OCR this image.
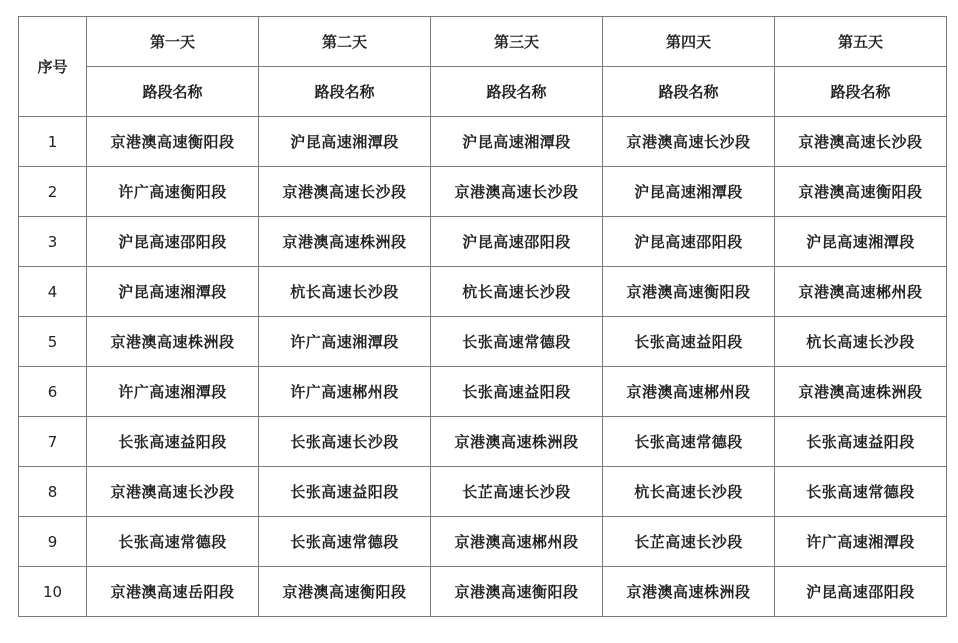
序号	第一天	第二天	第三天	第四天	第五天
	路段名称	路段名称	路段名称	路段名称	路段名称
1	京港澳高速衡阳段	沪昆高速湘潭段	沪昆高速湘潭段	京港澳高速长沙段	京港澳高速长沙段
2	许广高速衡阳段	京港澳高速长沙段	京港澳高速长沙段	沪昆高速湘潭段	京港澳高速衡阳段
3	沪昆高速邵阳段	京港澳高速株洲段	沪昆高速邵阳段	沪昆高速邵阳段	沪昆高速湘潭段
4	沪昆高速湘潭段	杭长高速长沙段	杭长高速长沙段	京港澳高速衡阳段	京港澳高速郴州段
5	京港澳高速株洲段	许广高速湘潭段	长张高速常德段	长张高速益阳段	杭长高速长沙段
6	许广高速湘潭段	许广高速郴州段	长张高速益阳段	京港澳高速郴州段	京港澳高速株洲段
7	长张高速益阳段	长张高速长沙段	京港澳高速株洲段	长张高速常德段	长张高速益阳段
8	京港澳高速长沙段	长张高速益阳段	长芷高速长沙段	杭长高速长沙段	长张高速常德段
9	长张高速常德段	长张高速常德段	京港澳高速郴州段	长芷高速长沙段	许广高速湘潭段
10	京港澳高速岳阳段	京港澳高速衡阳段	京港澳高速衡阳段	京港澳高速株洲段	沪昆高速邵阳段
